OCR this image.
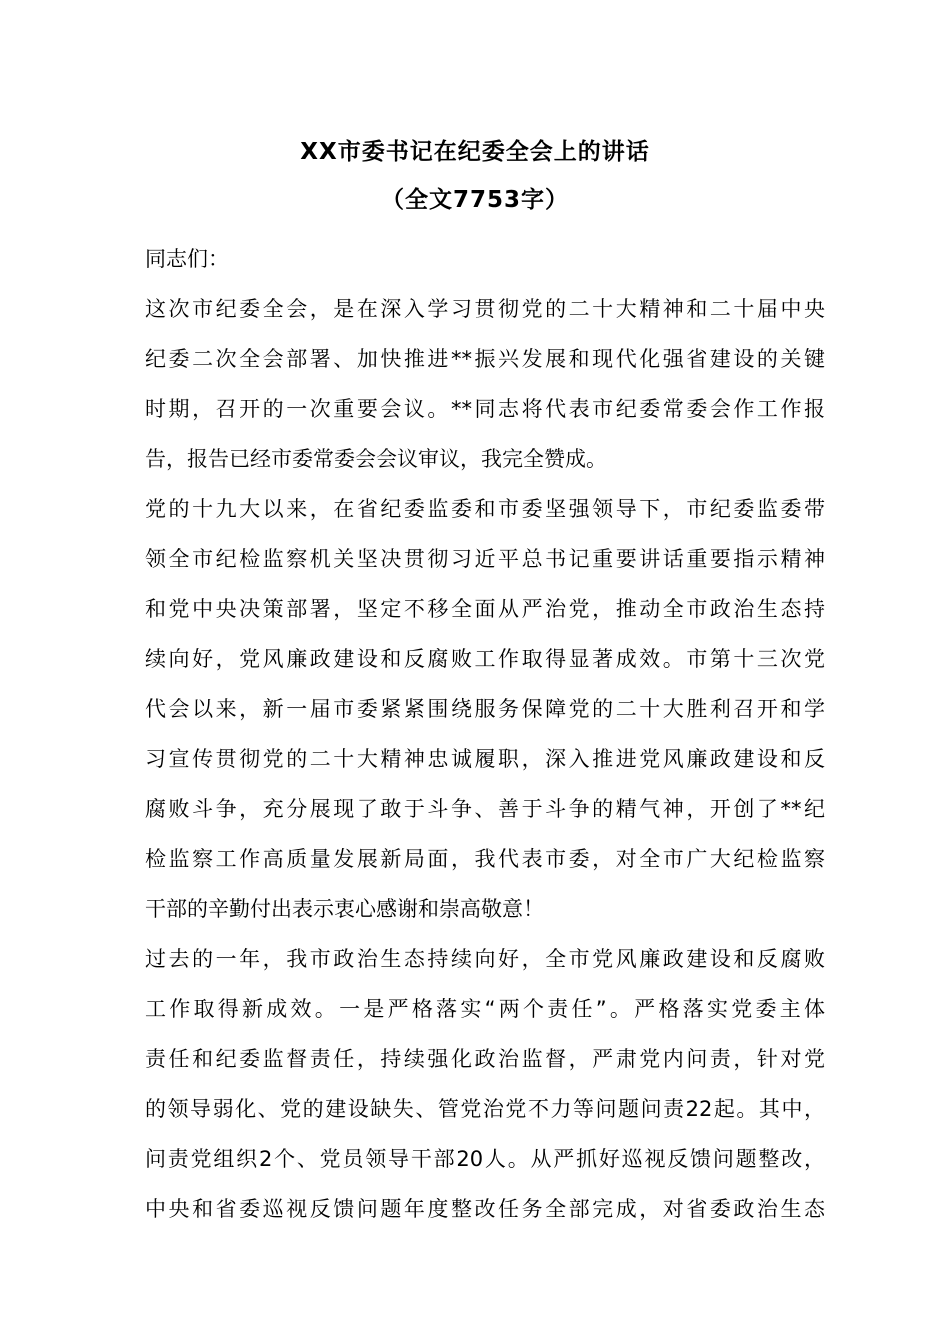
XX市委书记在纪委全会上的讲话
（全文7753字）
同志们：
这次市纪委全会，是在深入学习贯彻党的二十大精神和二十届中央
纪委二次全会部署、加快推进**振兴发展和现代化强省建设的关键
时期，召开的一次重要会议。**同志将代表市纪委常委会作工作报
告，报告已经市委常委会会议审议，我完全赞成。
党的十九大以来，在省纪委监委和市委坚强领导下，市纪委监委带
领全市纪检监察机关坚决贯彻习近平总书记重要讲话重要指示精神
和党中央决策部署，坚定不移全面从严治党，推动全市政治生态持
续向好，党风廉政建设和反腐败工作取得显著成效。市第十三次党
代会以来，新一届市委紧紧围绕服务保障党的二十大胜利召开和学
习宣传贯彻党的二十大精神忠诚履职，深入推进党风廉政建设和反
腐败斗争，充分展现了敢于斗争、善于斗争的精气神，开创了**纪
检监察工作高质量发展新局面，我代表市委，对全市广大纪检监察
干部的辛勤付出表示衷心感谢和崇高敬意！
过去的一年，我市政治生态持续向好，全市党风廉政建设和反腐败
工作取得新成效。一是严格落实“两个责任”。严格落实党委主体
责任和纪委监督责任，持续强化政治监督，严肃党内问责，针对党
的领导弱化、党的建设缺失、管党治党不力等问题问责22起。其中，
问责党组织2个、党员领导干部20人。从严抓好巡视反馈问题整改，
中央和省委巡视反馈问题年度整改任务全部完成，对省委政治生态
